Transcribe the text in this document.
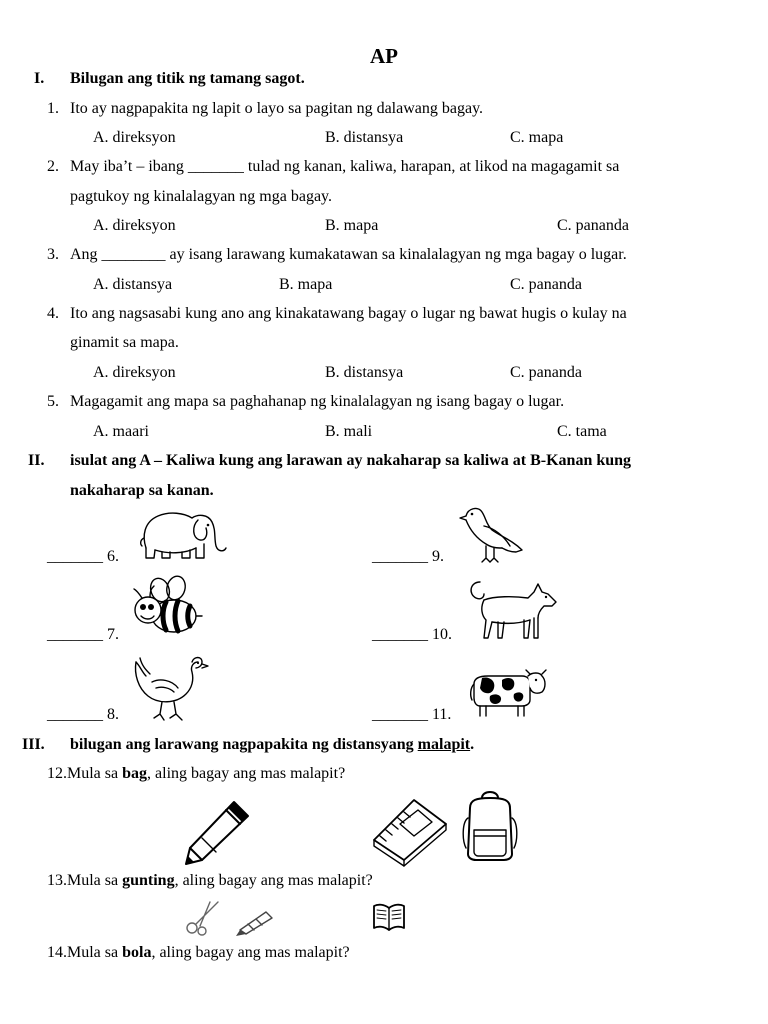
AP
I. Bilugan ang titik ng tamang sagot.
1. Ito ay nagpapakita ng lapit o layo sa pagitan ng dalawang bagay.
A. direksyon	B. distansya	C. mapa
2. May iba’t – ibang _______ tulad ng kanan, kaliwa, harapan, at likod na magagamit sa
pagtukoy ng kinalalagyan ng mga bagay.
A. direksyon	B. mapa	C. pananda
3. Ang ________ ay isang larawang kumakatawan sa kinalalagyan ng mga bagay o lugar.
A. distansya	B. mapa	C. pananda
4. Ito ang nagsasabi kung ano ang kinakatawang bagay o lugar ng bawat hugis o kulay na
ginamit sa mapa.
A. direksyon	B. distansya	C. pananda
5. Magagamit ang mapa sa paghahanap ng kinalalagyan ng isang bagay o lugar.
A. maari	B. mali	C. tama
II. isulat ang A – Kaliwa kung ang larawan ay nakaharap sa kaliwa at B-Kanan kung
nakaharap sa kanan.
_______ 6.
_______ 7.
_______ 8.
_______ 9.
_______ 10.
_______ 11.
III. bilugan ang larawang nagpapakita ng distansyang malapit.
12.Mula sa bag, aling bagay ang mas malapit?
13.Mula sa gunting, aling bagay ang mas malapit?
14.Mula sa bola, aling bagay ang mas malapit?
